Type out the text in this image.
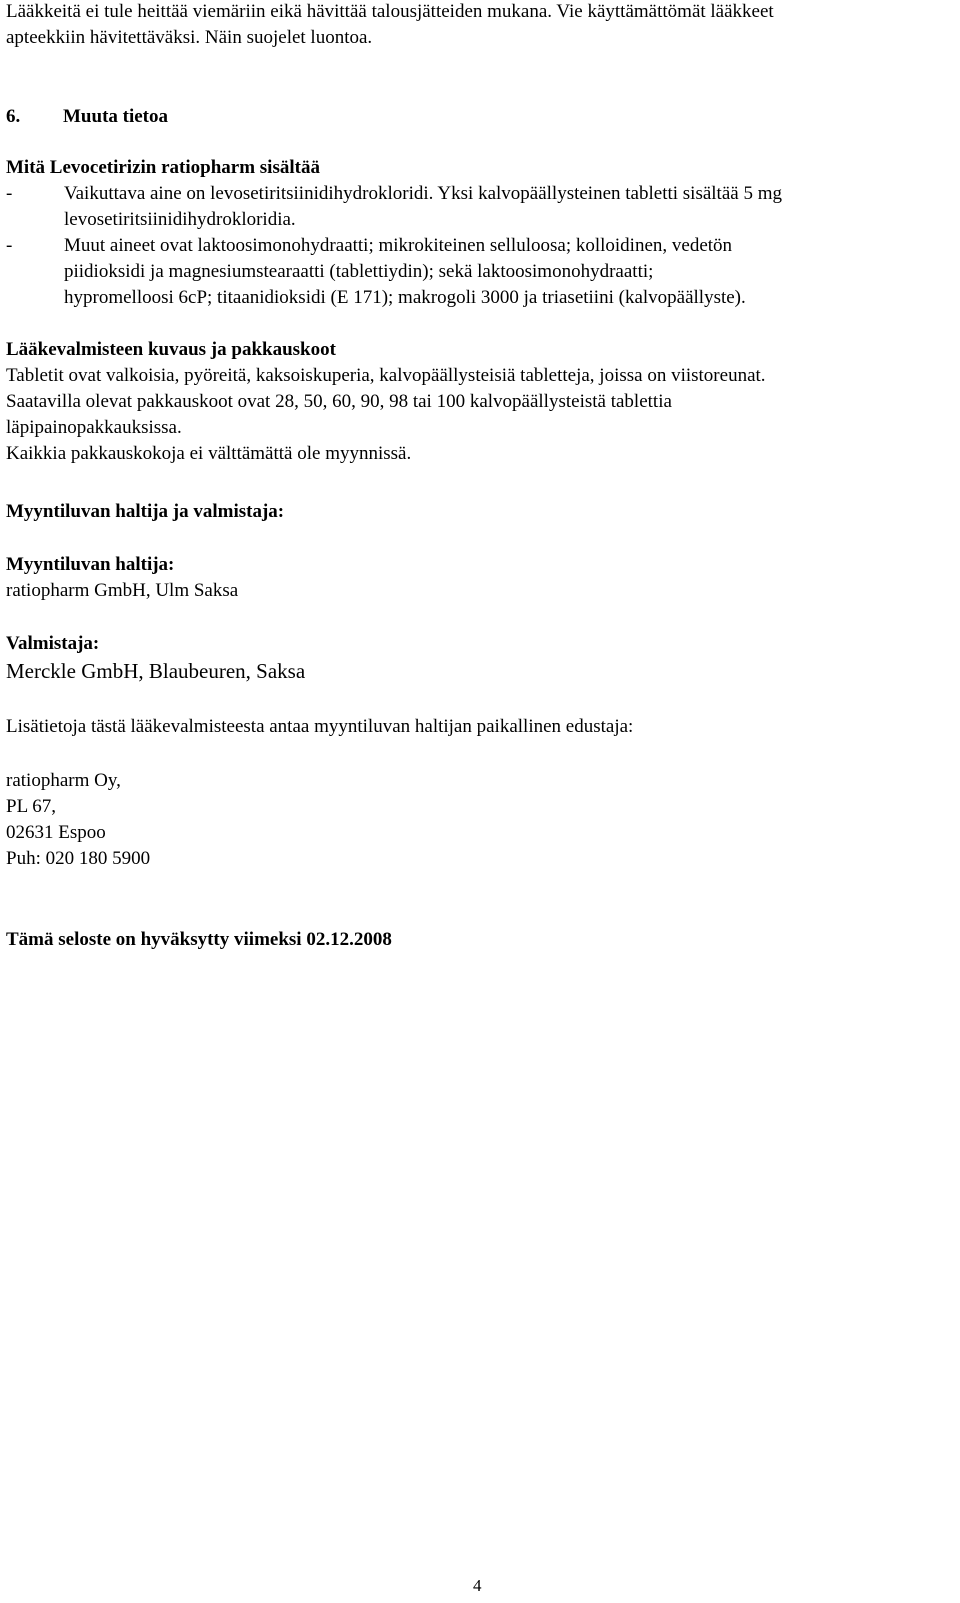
Lääkkeitä ei tule heittää viemäriin eikä hävittää talousjätteiden mukana. Vie käyttämättömät lääkkeet
apteekkiin hävitettäväksi. Näin suojelet luontoa.
6. Muuta tietoa
Mitä Levocetirizin ratiopharm sisältää
-	Vaikuttava aine on levosetiritsiinidihydrokloridi. Yksi kalvopäällysteinen tabletti sisältää 5 mg
levosetiritsiinidihydrokloridia.
-	Muut aineet ovat laktoosimonohydraatti; mikrokiteinen selluloosa; kolloidinen, vedetön
piidioksidi ja magnesiumstearaatti (tablettiydin); sekä laktoosimonohydraatti;
hypromelloosi 6cP; titaanidioksidi (E 171); makrogoli 3000 ja triasetiini (kalvopäällyste).
Lääkevalmisteen kuvaus ja pakkauskoot
Tabletit ovat valkoisia, pyöreitä, kaksoiskuperia, kalvopäällysteisiä tabletteja, joissa on viistoreunat.
Saatavilla olevat pakkauskoot ovat 28, 50, 60, 90, 98 tai 100 kalvopäällysteistä tablettia
läpipainopakkauksissa.
Kaikkia pakkauskokoja ei välttämättä ole myynnissä.
Myyntiluvan haltija ja valmistaja:
Myyntiluvan haltija:
ratiopharm GmbH, Ulm Saksa
Valmistaja:
Merckle GmbH, Blaubeuren, Saksa
Lisätietoja tästä lääkevalmisteesta antaa myyntiluvan haltijan paikallinen edustaja:
ratiopharm Oy,
PL 67,
02631 Espoo
Puh: 020 180 5900
Tämä seloste on hyväksytty viimeksi 02.12.2008
4
